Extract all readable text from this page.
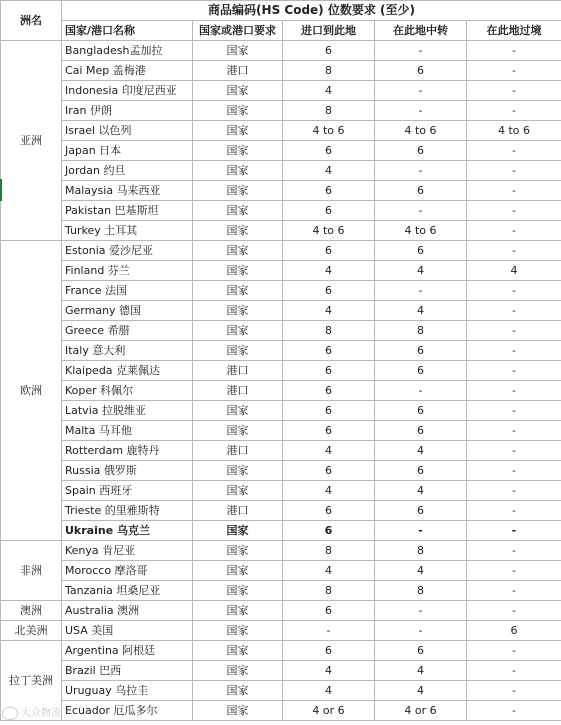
洲名	商品编码(HS Code) 位数要求 (至少)				
	国家/港口名称	国家或港口要求	进口到此地	在此地中转	在此地过境
亚洲	Bangladesh孟加拉	国家	6	-	-
	Cai Mep 盖梅港	港口	8	6	-
	Indonesia 印度尼西亚	国家	4	-	-
	Iran 伊朗	国家	8	-	-
	Israel 以色列	国家	4 to 6	4 to 6	4 to 6
	Japan 日本	国家	6	6	-
	Jordan 约旦	国家	4	-	-
	Malaysia 马来西亚	国家	6	6	-
	Pakistan 巴基斯坦	国家	6	-	-
	Turkey 土耳其	国家	4 to 6	4 to 6	-
欧洲	Estonia 爱沙尼亚	国家	6	6	-
	Finland 芬兰	国家	4	4	4
	France 法国	国家	6	-	-
	Germany 德国	国家	4	4	-
	Greece 希腊	国家	8	8	-
	Italy 意大利	国家	6	6	-
	Klaipeda 克莱佩达	港口	6	6	-
	Koper 科佩尔	港口	6	-	-
	Latvia 拉脱维亚	国家	6	6	-
	Malta 马耳他	国家	6	6	-
	Rotterdam 鹿特丹	港口	4	4	-
	Russia 俄罗斯	国家	6	6	-
	Spain 西班牙	国家	4	4	-
	Trieste 的里雅斯特	港口	6	6	-
	Ukraine 乌克兰	国家	6	-	-
非洲	Kenya 肯尼亚	国家	8	8	-
	Morocco 摩洛哥	国家	4	4	-
	Tanzania 坦桑尼亚	国家	8	8	-
澳洲	Australia 澳洲	国家	6	-	-
北美洲	USA 美国	国家	-	-	6
拉丁美洲	Argentina 阿根廷	国家	6	6	-
	Brazil 巴西	国家	4	4	-
	Uruguay 乌拉圭	国家	4	4	-
	Ecuador 厄瓜多尔	国家	4 or 6	4 or 6	-
大众物流
